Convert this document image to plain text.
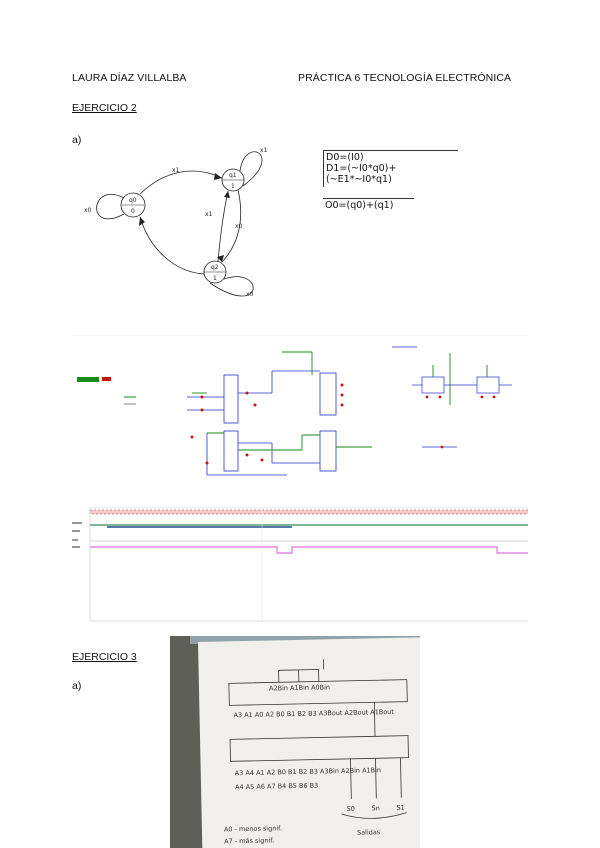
LAURA DÍAZ VILLALBA	PRÁCTICA 6 TECNOLOGÍA ELECTRÓNICA
EJERCICIO 2
a)
q0
0
q1
1
q2
1
x1
x1
x0
x0
x1
x0
D0=(I0)
D1=(~I0*q0)+(~E1*~I0*q1)
O0=(q0)+(q1)
EJERCICIO 3
a)	A2Bin A1Bin A0Bin
A3 A1 A0 A2 B0 B1 B2 B3 A3Bout A2Bout A1Bout
A3 A4 A1 A2 B0 B1 B2 B3 A3Bin A2Bin A1Bin
A4 A5 A6 A7 B4 B5 B6 B3
S0	Sn	S1
A0 - menos signif.
A7 - más signif.
Salidas
